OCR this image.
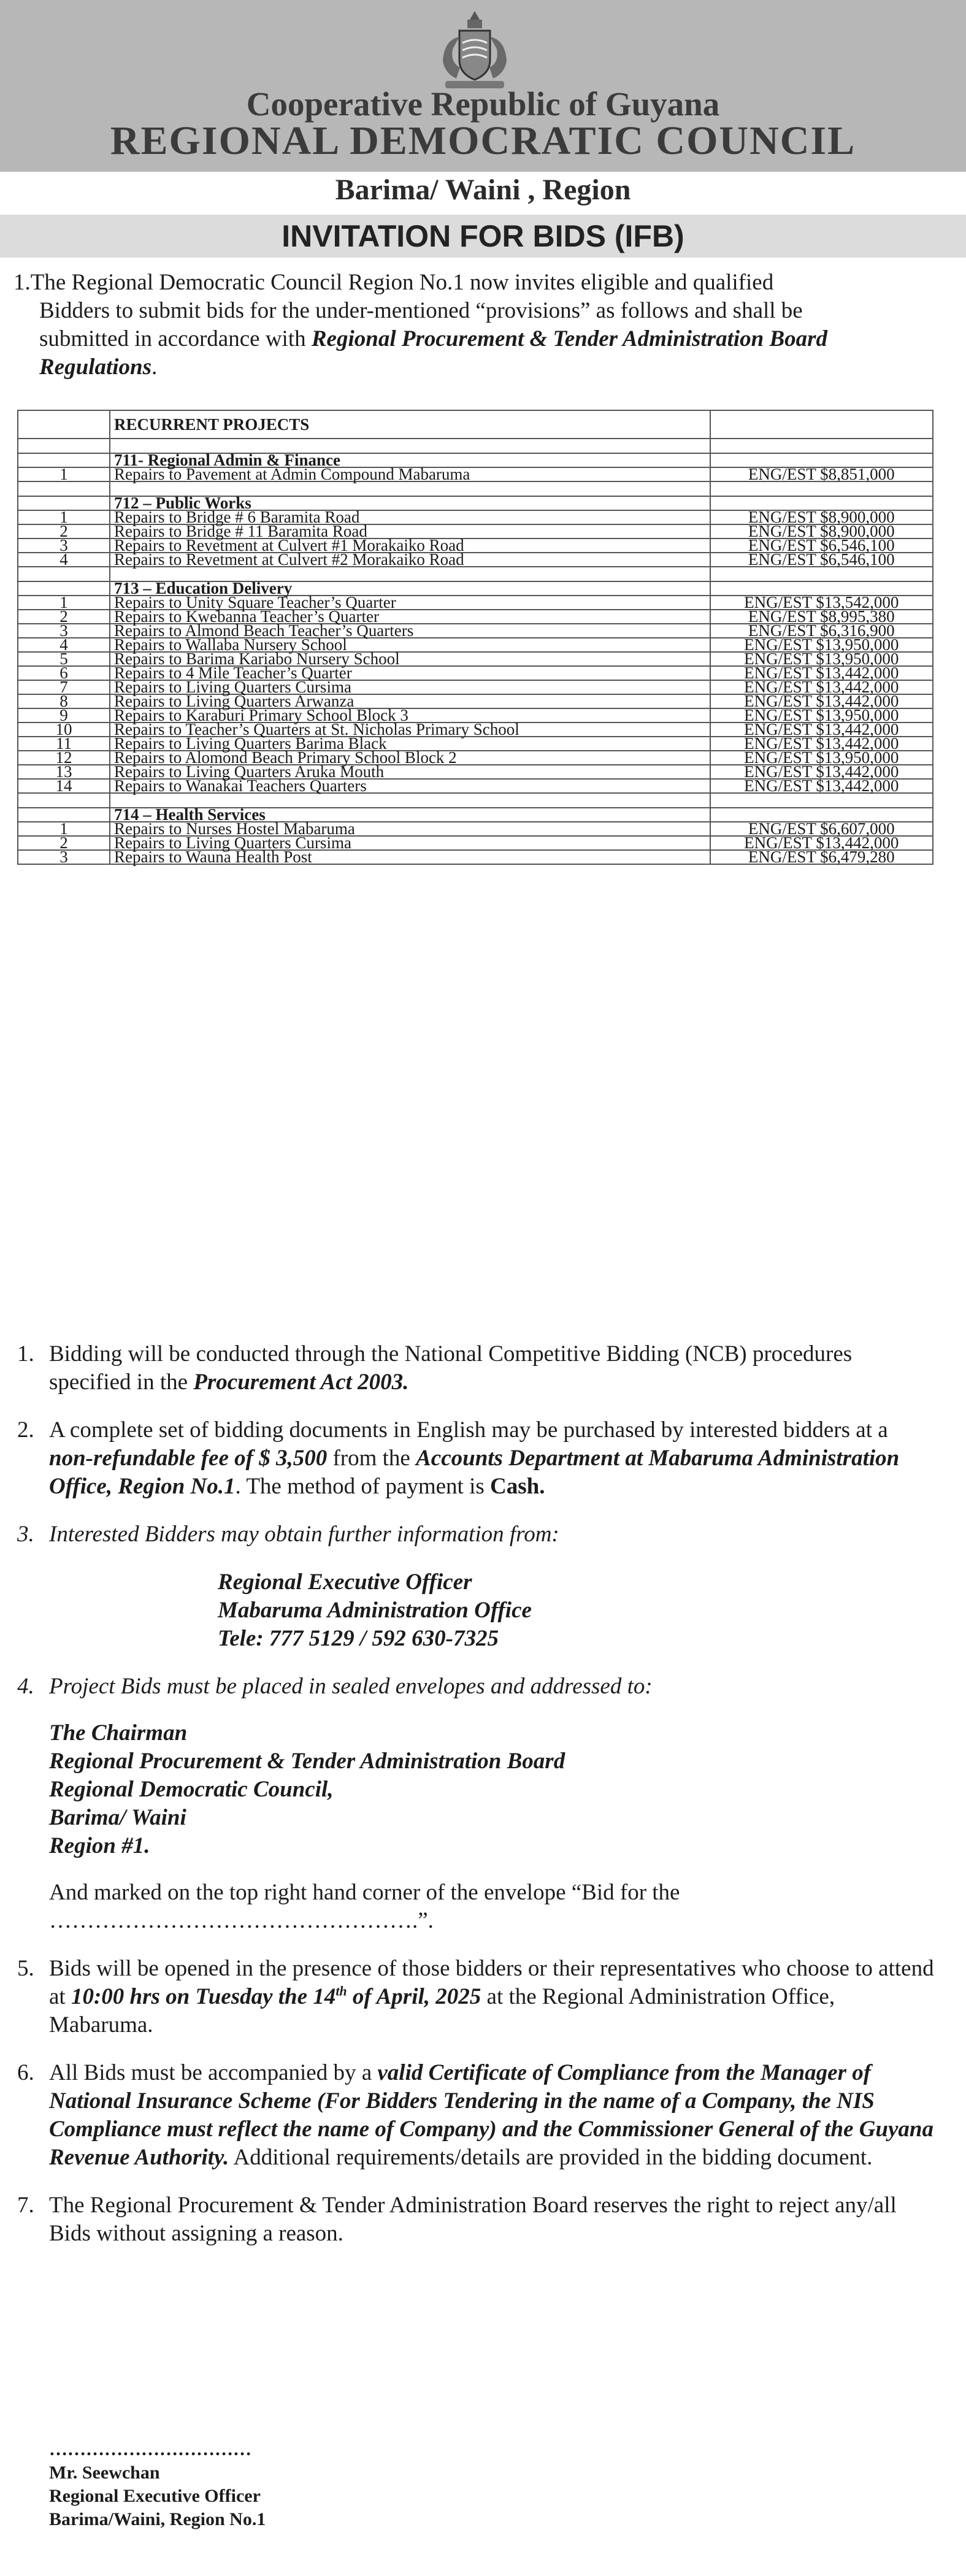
Cooperative Republic of Guyana
REGIONAL DEMOCRATIC COUNCIL
Barima/ Waini , Region
INVITATION FOR BIDS (IFB)
1.The Regional Democratic Council Region No.1 now invites eligible and qualified
Bidders to submit bids for the under-mentioned “provisions” as follows and shall be
submitted in accordance with Regional Procurement & Tender Administration Board
Regulations.
	RECURRENT PROJECTS	

	711- Regional Admin & Finance	
1	Repairs to Pavement at Admin Compound Mabaruma	ENG/EST $8,851,000

	712 – Public Works	
1	Repairs to Bridge # 6 Baramita Road	ENG/EST $8,900,000
2	Repairs to Bridge # 11 Baramita Road	ENG/EST $8,900,000
3	Repairs to Revetment at Culvert #1 Morakaiko Road	ENG/EST $6,546,100
4	Repairs to Revetment at Culvert #2 Morakaiko Road	ENG/EST $6,546,100

	713 – Education Delivery	
1	Repairs to Unity Square Teacher’s Quarter	ENG/EST $13,542,000
2	Repairs to Kwebanna Teacher’s Quarter	ENG/EST $8,995,380
3	Repairs to Almond Beach Teacher’s Quarters	ENG/EST $6,316,900
4	Repairs to Wallaba Nursery School	ENG/EST $13,950,000
5	Repairs to Barima Kariabo Nursery School	ENG/EST $13,950,000
6	Repairs to 4 Mile Teacher’s Quarter	ENG/EST $13,442,000
7	Repairs to Living Quarters Cursima	ENG/EST $13,442,000
8	Repairs to Living Quarters Arwanza	ENG/EST $13,442,000
9	Repairs to Karaburi Primary School Block 3	ENG/EST $13,950,000
10	Repairs to Teacher’s Quarters at St. Nicholas Primary School	ENG/EST $13,442,000
11	Repairs to Living Quarters Barima Black	ENG/EST $13,442,000
12	Repairs to Alomond Beach Primary School Block 2	ENG/EST $13,950,000
13	Repairs to Living Quarters Aruka Mouth	ENG/EST $13,442,000
14	Repairs to Wanakai Teachers Quarters	ENG/EST $13,442,000

	714 – Health Services	
1	Repairs to Nurses Hostel Mabaruma	ENG/EST $6,607,000
2	Repairs to Living Quarters Cursima	ENG/EST $13,442,000
3	Repairs to Wauna Health Post	ENG/EST $6,479,280
1. Bidding will be conducted through the National Competitive Bidding (NCB) procedures specified in the Procurement Act 2003.
2. A complete set of bidding documents in English may be purchased by interested bidders at a non-refundable fee of $ 3,500 from the Accounts Department at Mabaruma Administration Office, Region No.1. The method of payment is Cash.
3. Interested Bidders may obtain further information from:
Regional Executive Officer
Mabaruma Administration Office
Tele: 777 5129 / 592 630-7325
4. Project Bids must be placed in sealed envelopes and addressed to:
The Chairman
Regional Procurement & Tender Administration Board
Regional Democratic Council,
Barima/ Waini
Region #1.
And marked on the top right hand corner of the envelope “Bid for the ………………………………………….”.
5. Bids will be opened in the presence of those bidders or their representatives who choose to attend at 10:00 hrs on Tuesday the 14th of April, 2025 at the Regional Administration Office, Mabaruma.
6. All Bids must be accompanied by a valid Certificate of Compliance from the Manager of National Insurance Scheme (For Bidders Tendering in the name of a Company, the NIS Compliance must reflect the name of Company) and the Commissioner General of the Guyana Revenue Authority. Additional requirements/details are provided in the bidding document.
7. The Regional Procurement & Tender Administration Board reserves the right to reject any/all Bids without assigning a reason.
……………………………
Mr. Seewchan
Regional Executive Officer
Barima/Waini, Region No.1
